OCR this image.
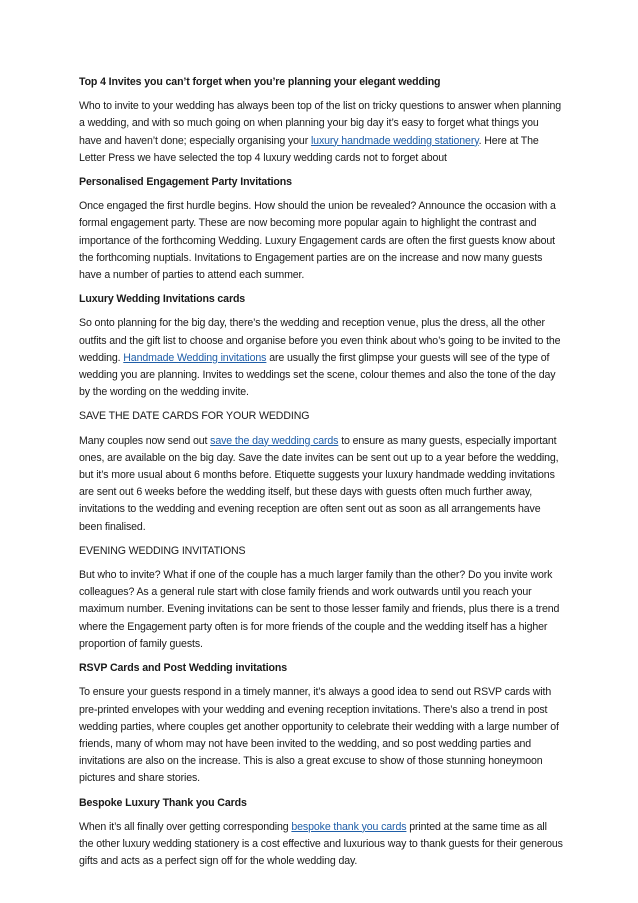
Top 4 Invites you can’t forget when you’re planning your elegant wedding
Who to invite to your wedding has always been top of the list on tricky questions to answer when planning a wedding, and with so much going on when planning your big day it’s easy to forget what things you have and haven’t done; especially organising your luxury handmade wedding stationery. Here at The Letter Press we have selected the top 4 luxury wedding cards not to forget about
Personalised Engagement Party Invitations
Once engaged the first hurdle begins. How should the union be revealed? Announce the occasion with a formal engagement party. These are now becoming more popular again to highlight the contrast and importance of the forthcoming Wedding. Luxury Engagement cards are often the first guests know about the forthcoming nuptials. Invitations to Engagement parties are on the increase and now many guests have a number of parties to attend each summer.
Luxury Wedding Invitations cards
So onto planning for the big day, there’s the wedding and reception venue, plus the dress, all the other outfits and the gift list to choose and organise before you even think about who’s going to be invited to the wedding. Handmade Wedding invitations are usually the first glimpse your guests will see of the type of wedding you are planning. Invites to weddings set the scene, colour themes and also the tone of the day by the wording on the wedding invite.
SAVE THE DATE CARDS FOR YOUR WEDDING
Many couples now send out save the day wedding cards to ensure as many guests, especially important ones, are available on the big day. Save the date invites can be sent out up to a year before the wedding, but it’s more usual about 6 months before. Etiquette suggests your luxury handmade wedding invitations are sent out 6 weeks before the wedding itself, but these days with guests often much further away, invitations to the wedding and evening reception are often sent out as soon as all arrangements have been finalised.
EVENING WEDDING INVITATIONS
But who to invite? What if one of the couple has a much larger family than the other? Do you invite work colleagues? As a general rule start with close family friends and work outwards until you reach your maximum number. Evening invitations can be sent to those lesser family and friends, plus there is a trend where the Engagement party often is for more friends of the couple and the wedding itself has a higher proportion of family guests.
RSVP Cards and Post Wedding invitations
To ensure your guests respond in a timely manner, it’s always a good idea to send out RSVP cards with pre-printed envelopes with your wedding and evening reception invitations. There’s also a trend in post wedding parties, where couples get another opportunity to celebrate their wedding with a large number of friends, many of whom may not have been invited to the wedding, and so post wedding parties and invitations are also on the increase. This is also a great excuse to show of those stunning honeymoon pictures and share stories.
Bespoke Luxury Thank you Cards
When it’s all finally over getting corresponding bespoke thank you cards printed at the same time as all the other luxury wedding stationery is a cost effective and luxurious way to thank guests for their generous gifts and acts as a perfect sign off for the whole wedding day.
